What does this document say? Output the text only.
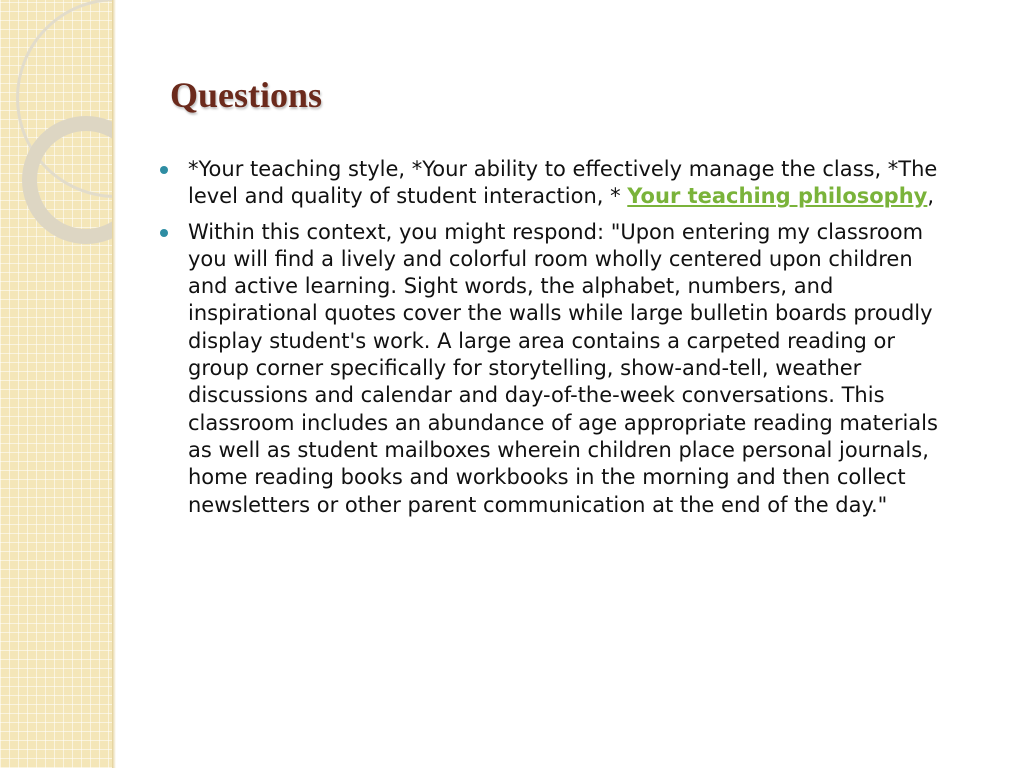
Questions
*Your teaching style, *Your ability to effectively manage the class, *The level and quality of student interaction, * Your teaching philosophy,
Within this context, you might respond: "Upon entering my classroom you will find a lively and colorful room wholly centered upon children and active learning. Sight words, the alphabet, numbers, and inspirational quotes cover the walls while large bulletin boards proudly display student's work. A large area contains a carpeted reading or group corner specifically for storytelling, show-and-tell, weather discussions and calendar and day-of-the-week conversations. This classroom includes an abundance of age appropriate reading materials as well as student mailboxes wherein children place personal journals, home reading books and workbooks in the morning and then collect newsletters or other parent communication at the end of the day."
